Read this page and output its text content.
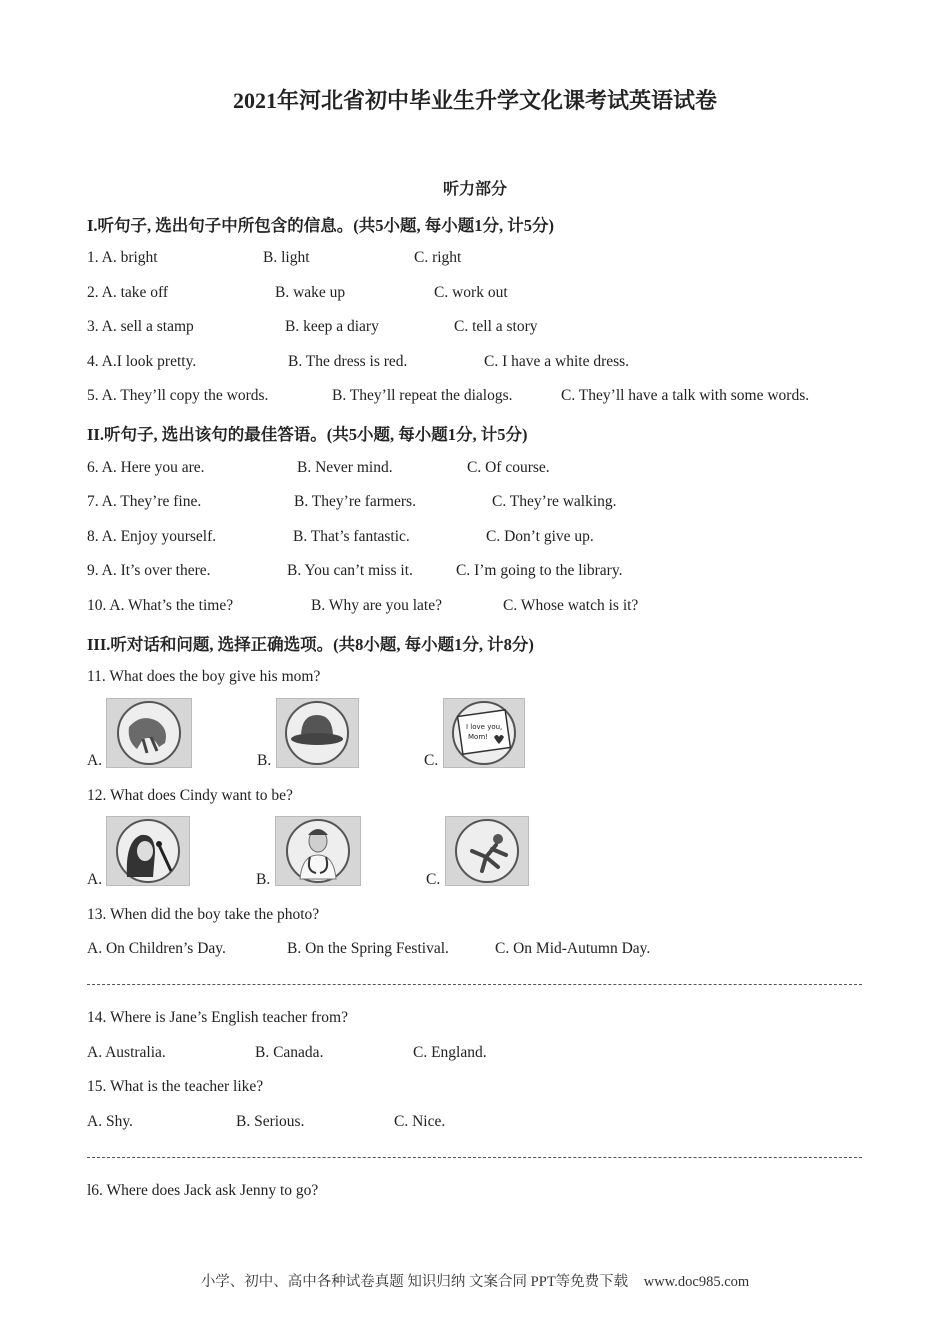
2021年河北省初中毕业生升学文化课考试英语试卷
听力部分
I.听句子, 选出句子中所包含的信息。(共5小题, 每小题1分, 计5分)
1. A. bright	B. light	C. right
2. A. take off	B. wake up	C. work out
3. A. sell a stamp	B. keep a diary	C. tell a story
4. A.I look pretty.	B. The dress is red.	C. I have a white dress.
5. A. They’ll copy the words.	B. They’ll repeat the dialogs.	C. They’ll have a talk with some words.
II.听句子, 选出该句的最佳答语。(共5小题, 每小题1分, 计5分)
6. A. Here you are.	B. Never mind.	C. Of course.
7. A. They’re fine.	B. They’re farmers.	C. They’re walking.
8. A. Enjoy yourself.	B. That’s fantastic.	C. Don’t give up.
9. A. It’s over there.	B. You can’t miss it.	C. I’m going to the library.
10. A. What’s the time?	B. Why are you late?	C. Whose watch is it?
III.听对话和问题, 选择正确选项。(共8小题, 每小题1分, 计8分)
11. What does the boy give his mom?
A.	B.	C.
I love you,
Mom!
12. What does Cindy want to be?
A.	B.	C.
13. When did the boy take the photo?
A. On Children’s Day.	B. On the Spring Festival.	C. On Mid-Autumn Day.
14. Where is Jane’s English teacher from?
A. Australia.	B. Canada.	C. England.
15. What is the teacher like?
A. Shy.	B. Serious.	C. Nice.
l6. Where does Jack ask Jenny to go?
小学、初中、高中各种试卷真题 知识归纳 文案合同 PPT等免费下载 www.doc985.com
